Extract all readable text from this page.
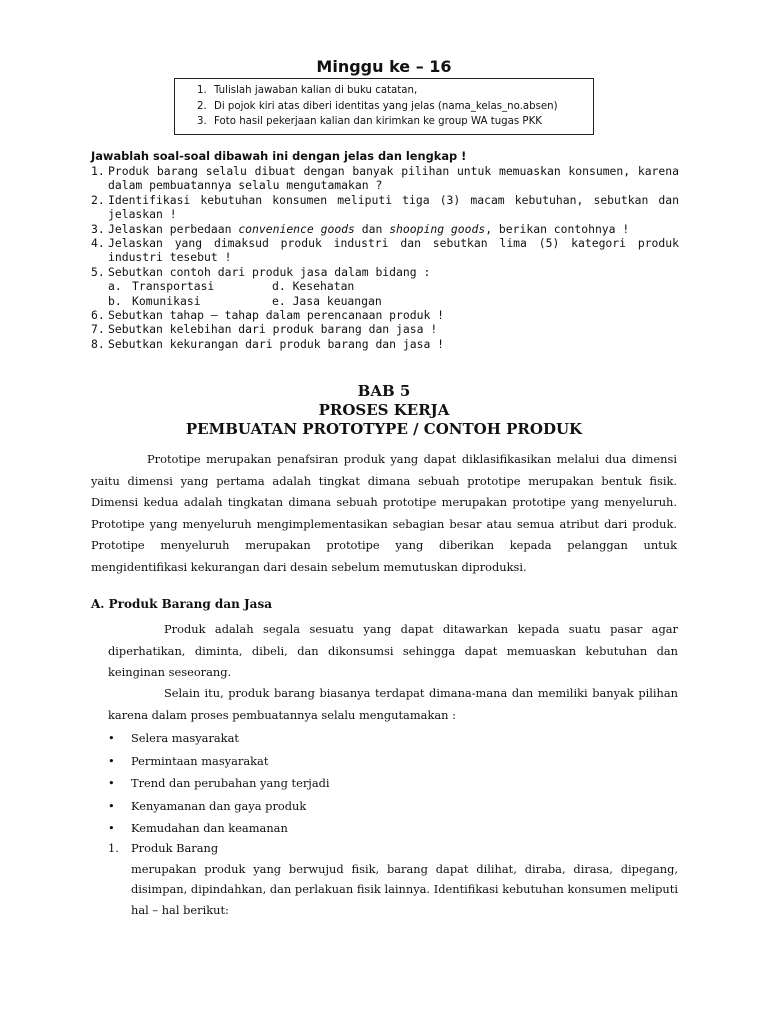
Minggu ke – 16
1. Tulislah jawaban kalian di buku catatan,
2. Di pojok kiri atas diberi identitas yang jelas (nama_kelas_no.absen)
3. Foto hasil pekerjaan kalian dan kirimkan ke group WA tugas PKK
Jawablah soal-soal dibawah ini dengan jelas dan lengkap !
1. Produk barang selalu dibuat dengan banyak pilihan untuk memuaskan konsumen, karena dalam pembuatannya selalu mengutamakan ?
2. Identifikasi kebutuhan konsumen meliputi tiga (3) macam kebutuhan, sebutkan dan jelaskan !
3. Jelaskan perbedaan convenience goods dan shooping goods, berikan contohnya !
4. Jelaskan yang dimaksud produk industri dan sebutkan lima (5) kategori produk industri tesebut !
5. Sebutkan contoh dari produk jasa dalam bidang :
a. Transportasi	d. Kesehatan
b. Komunikasi	e. Jasa keuangan
6. Sebutkan tahap – tahap dalam perencanaan produk !
7. Sebutkan kelebihan dari produk barang dan jasa !
8. Sebutkan kekurangan dari produk barang dan jasa !
BAB 5
PROSES KERJA
PEMBUATAN PROTOTYPE / CONTOH PRODUK
Prototipe merupakan penafsiran produk yang dapat diklasifikasikan melalui dua dimensi yaitu dimensi yang pertama adalah tingkat dimana sebuah prototipe merupakan bentuk fisik. Dimensi kedua adalah tingkatan dimana sebuah prototipe merupakan prototipe yang menyeluruh. Prototipe yang menyeluruh mengimplementasikan sebagian besar atau semua atribut dari produk. Prototipe menyeluruh merupakan prototipe yang diberikan kepada pelanggan untuk mengidentifikasi kekurangan dari desain sebelum memutuskan diproduksi.
A. Produk Barang dan Jasa
Produk adalah segala sesuatu yang dapat ditawarkan kepada suatu pasar agar diperhatikan, diminta, dibeli, dan dikonsumsi sehingga dapat memuaskan kebutuhan dan keinginan seseorang.
Selain itu, produk barang biasanya terdapat dimana-mana dan memiliki banyak pilihan karena dalam proses pembuatannya selalu mengutamakan :
•	Selera masyarakat
•	Permintaan masyarakat
•	Trend dan perubahan yang terjadi
•	Kenyamanan dan gaya produk
•	Kemudahan dan keamanan
1.	Produk Barang
merupakan produk yang berwujud fisik, barang dapat dilihat, diraba, dirasa, dipegang, disimpan, dipindahkan, dan perlakuan fisik lainnya. Identifikasi kebutuhan konsumen meliputi hal – hal berikut:
